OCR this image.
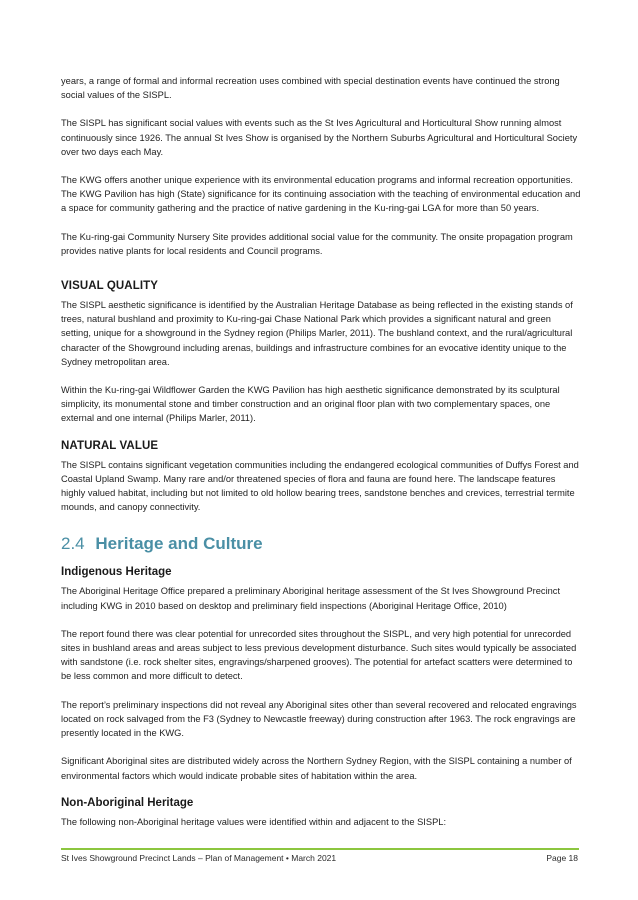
years, a range of formal and informal recreation uses combined with special destination events have continued the strong social values of the SISPL.

The SISPL has significant social values with events such as the St Ives Agricultural and Horticultural Show running almost continuously since 1926. The annual St Ives Show is organised by the Northern Suburbs Agricultural and Horticultural Society over two days each May.

The KWG offers another unique experience with its environmental education programs and informal recreation opportunities. The KWG Pavilion has high (State) significance for its continuing association with the teaching of environmental education and a space for community gathering and the practice of native gardening in the Ku-ring-gai LGA for more than 50 years.

The Ku-ring-gai Community Nursery Site provides additional social value for the community. The onsite propagation program provides native plants for local residents and Council programs.

VISUAL QUALITY

The SISPL aesthetic significance is identified by the Australian Heritage Database as being reflected in the existing stands of trees, natural bushland and proximity to Ku-ring-gai Chase National Park which provides a significant natural and green setting, unique for a showground in the Sydney region (Philips Marler, 2011). The bushland context, and the rural/agricultural character of the Showground including arenas, buildings and infrastructure combines for an evocative identity unique to the Sydney metropolitan area.

Within the Ku-ring-gai Wildflower Garden the KWG Pavilion has high aesthetic significance demonstrated by its sculptural simplicity, its monumental stone and timber construction and an original floor plan with two complementary spaces, one external and one internal (Philips Marler, 2011).

NATURAL VALUE

The SISPL contains significant vegetation communities including the endangered ecological communities of Duffys Forest and Coastal Upland Swamp. Many rare and/or threatened species of flora and fauna are found here. The landscape features highly valued habitat, including but not limited to old hollow bearing trees, sandstone benches and crevices, terrestrial termite mounds, and canopy connectivity.

2.4 Heritage and Culture
Indigenous Heritage

The Aboriginal Heritage Office prepared a preliminary Aboriginal heritage assessment of the St Ives Showground Precinct including KWG in 2010 based on desktop and preliminary field inspections (Aboriginal Heritage Office, 2010)

The report found there was clear potential for unrecorded sites throughout the SISPL, and very high potential for unrecorded sites in bushland areas and areas subject to less previous development disturbance. Such sites would typically be associated with sandstone (i.e. rock shelter sites, engravings/sharpened grooves). The potential for artefact scatters were determined to be less common and more difficult to detect.

The report’s preliminary inspections did not reveal any Aboriginal sites other than several recovered and relocated engravings located on rock salvaged from the F3 (Sydney to Newcastle freeway) during construction after 1963. The rock engravings are presently located in the KWG.

Significant Aboriginal sites are distributed widely across the Northern Sydney Region, with the SISPL containing a number of environmental factors which would indicate probable sites of habitation within the area.

Non-Aboriginal Heritage

The following non-Aboriginal heritage values were identified within and adjacent to the SISPL:

St Ives Showground Precinct Lands – Plan of Management • March 2021	Page 18
